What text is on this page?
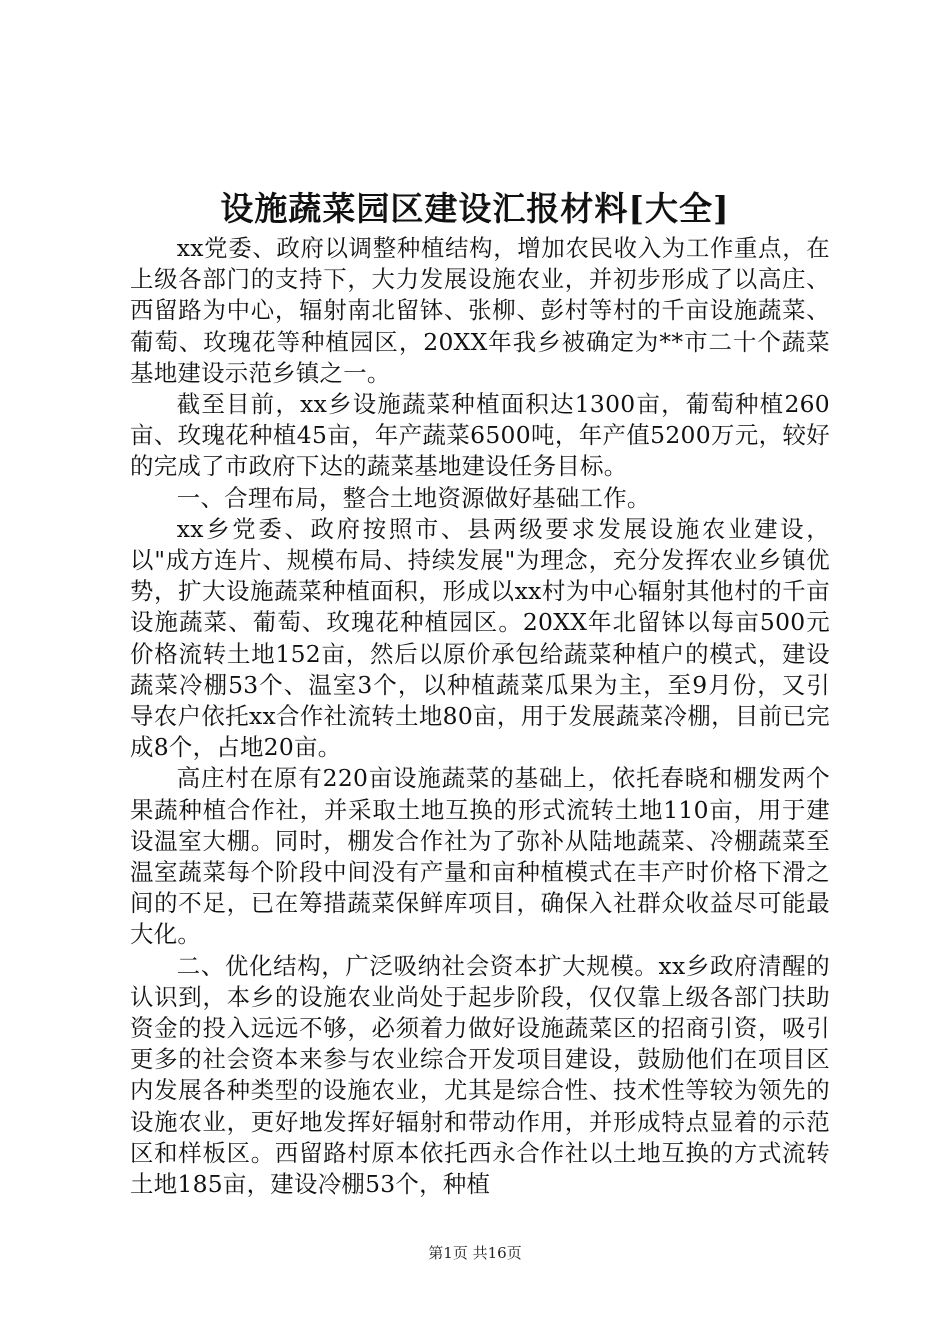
设施蔬菜园区建设汇报材料[大全]

xx党委、政府以调整种植结构，增加农民收入为工作重点，在上级各部门的支持下，大力发展设施农业，并初步形成了以高庄、西留路为中心，辐射南北留钵、张柳、彭村等村的千亩设施蔬菜、葡萄、玫瑰花等种植园区，20XX年我乡被确定为**市二十个蔬菜基地建设示范乡镇之一。

截至目前，xx乡设施蔬菜种植面积达1300亩，葡萄种植260亩、玫瑰花种植45亩，年产蔬菜6500吨，年产值5200万元，较好的完成了市政府下达的蔬菜基地建设任务目标。

一、合理布局，整合土地资源做好基础工作。

xx乡党委、政府按照市、县两级要求发展设施农业建设，以"成方连片、规模布局、持续发展"为理念，充分发挥农业乡镇优势，扩大设施蔬菜种植面积，形成以xx村为中心辐射其他村的千亩设施蔬菜、葡萄、玫瑰花种植园区。20XX年北留钵以每亩500元价格流转土地152亩，然后以原价承包给蔬菜种植户的模式，建设蔬菜冷棚53个、温室3个，以种植蔬菜瓜果为主，至9月份，又引导农户依托xx合作社流转土地80亩，用于发展蔬菜冷棚，目前已完成8个，占地20亩。

高庄村在原有220亩设施蔬菜的基础上，依托春晓和棚发两个果蔬种植合作社，并采取土地互换的形式流转土地110亩，用于建设温室大棚。同时，棚发合作社为了弥补从陆地蔬菜、冷棚蔬菜至温室蔬菜每个阶段中间没有产量和亩种植模式在丰产时价格下滑之间的不足，已在筹措蔬菜保鲜库项目，确保入社群众收益尽可能最大化。

二、优化结构，广泛吸纳社会资本扩大规模。xx乡政府清醒的认识到，本乡的设施农业尚处于起步阶段，仅仅靠上级各部门扶助资金的投入远远不够，必须着力做好设施蔬菜区的招商引资，吸引更多的社会资本来参与农业综合开发项目建设，鼓励他们在项目区内发展各种类型的设施农业，尤其是综合性、技术性等较为领先的设施农业，更好地发挥好辐射和带动作用，并形成特点显着的示范区和样板区。西留路村原本依托西永合作社以土地互换的方式流转土地185亩，建设冷棚53个，种植

第1页 共16页
